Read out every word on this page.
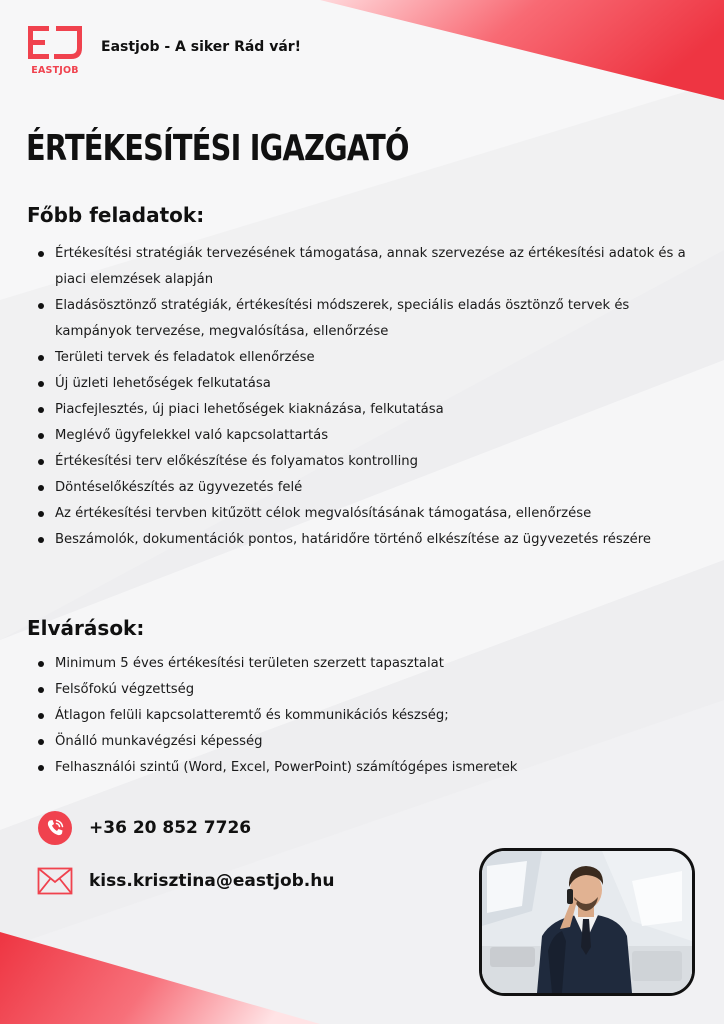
EASTJOB
Eastjob - A siker Rád vár!
ÉRTÉKESÍTÉSI IGAZGATÓ
Főbb feladatok:
Értékesítési stratégiák tervezésének támogatása, annak szervezése az értékesítési adatok és a piaci elemzések alapján
Eladásösztönző stratégiák, értékesítési módszerek, speciális eladás ösztönző tervek és kampányok tervezése, megvalósítása, ellenőrzése
Területi tervek és feladatok ellenőrzése
Új üzleti lehetőségek felkutatása
Piacfejlesztés, új piaci lehetőségek kiaknázása, felkutatása
Meglévő ügyfelekkel való kapcsolattartás
Értékesítési terv előkészítése és folyamatos kontrolling
Döntéselőkészítés az ügyvezetés felé
Az értékesítési tervben kitűzött célok megvalósításának támogatása, ellenőrzése
Beszámolók, dokumentációk pontos, határidőre történő elkészítése az ügyvezetés részére
Elvárások:
Minimum 5 éves értékesítési területen szerzett tapasztalat
Felsőfokú végzettség
Átlagon felüli kapcsolatteremtő és kommunikációs készség;
Önálló munkavégzési képesség
Felhasználói szintű (Word, Excel, PowerPoint) számítógépes ismeretek
+36 20 852 7726
kiss.krisztina@eastjob.hu
